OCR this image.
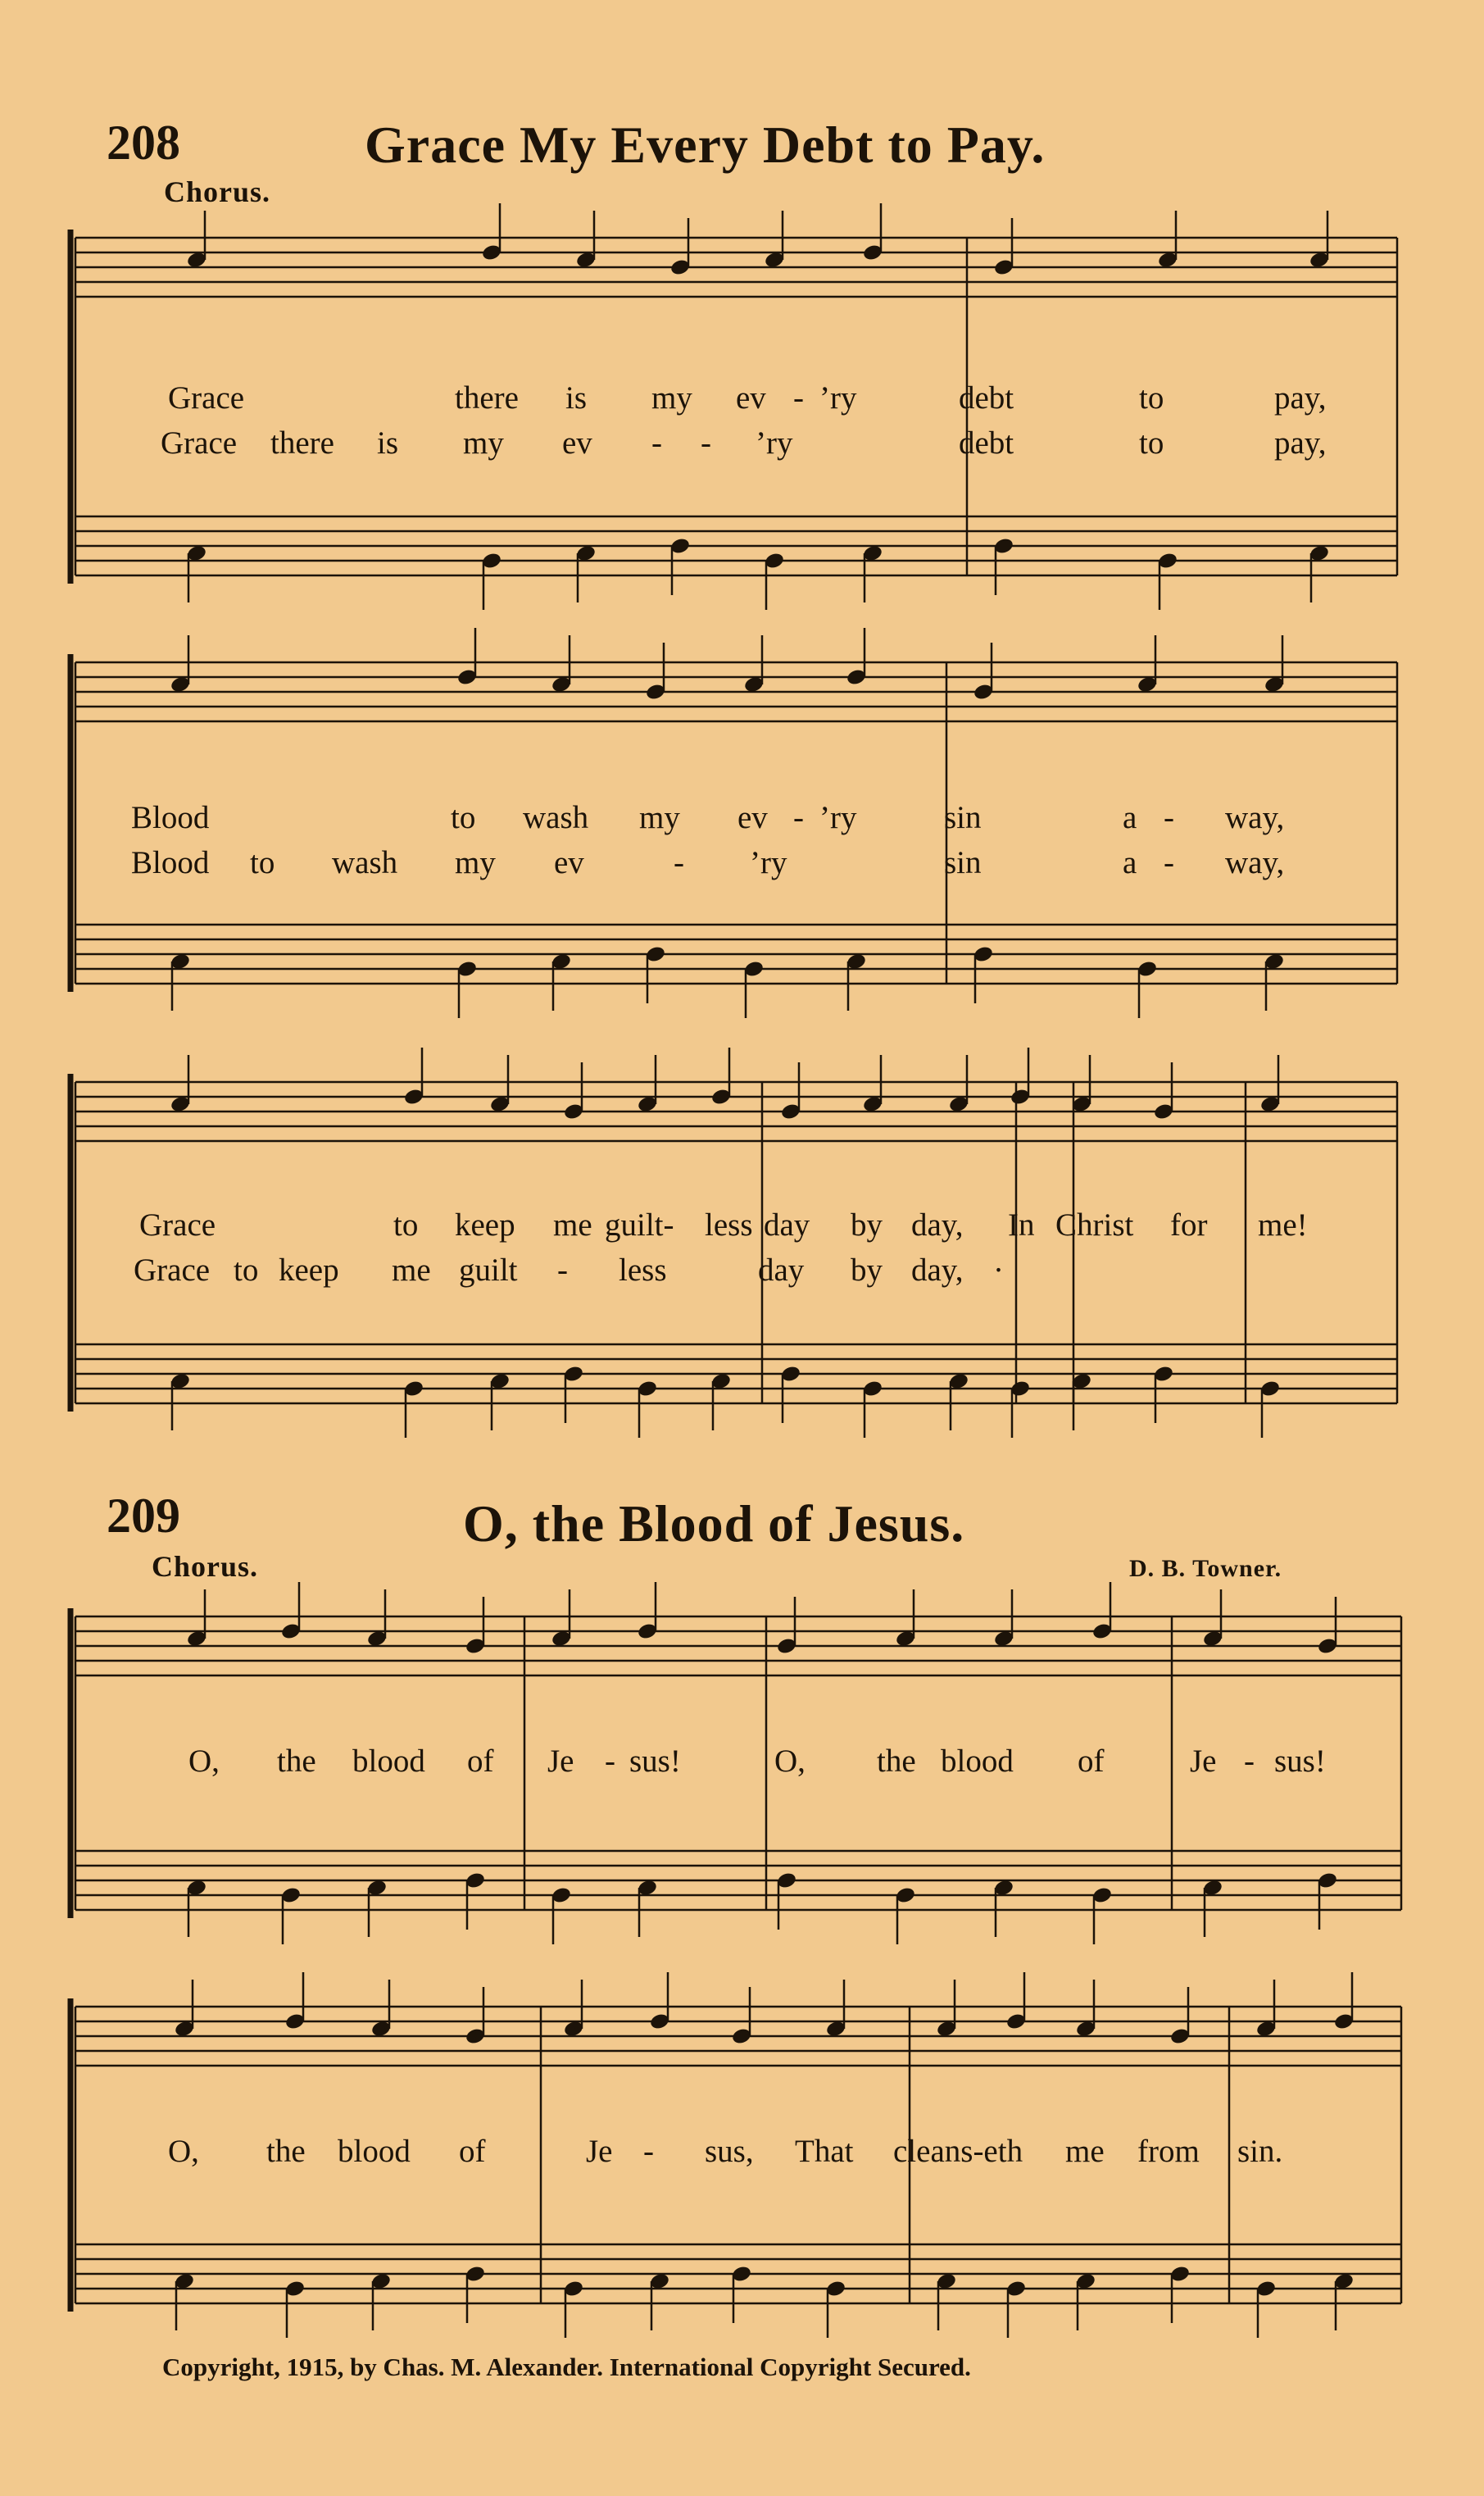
208	Grace My Every Debt to Pay.
Chorus.
Grace	there is my ev - ’ry	debt	to	pay,
Grace there is my ev - - ’ry	debt	to	pay,
Blood	to wash my ev - ’ry	sin	a - way,
Blood to wash my ev	- ’ry	sin	a - way,
Grace	to keep me guilt- less day by day, In Christ for me!
Grace to keep me guilt - less	day by day, ·
209	O, the Blood of Jesus.
Chorus.	D. B. Towner.
O, the blood of Je - sus!	O, the blood of	Je - sus!
O, the blood of	Je - sus, That cleans-eth me from sin.
Copyright, 1915, by Chas. M. Alexander. International Copyright Secured.
